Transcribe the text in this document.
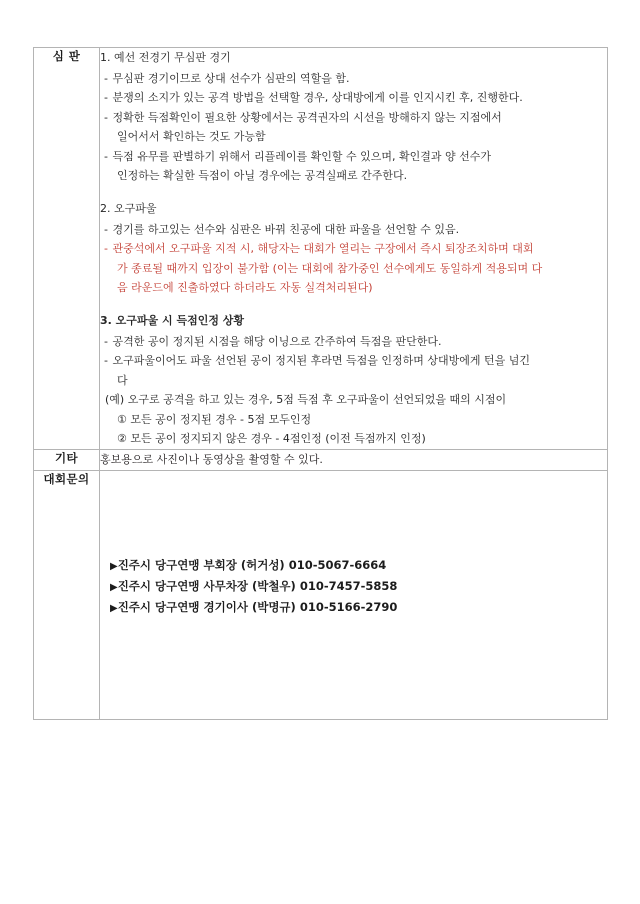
심 판	1. 예선 전경기 무심판 경기

- 무심판 경기이므로 상대 선수가 심판의 역할을 함.

- 분쟁의 소지가 있는 공격 방법을 선택할 경우, 상대방에게 이를 인지시킨 후, 진행한다.

- 정확한 득점확인이 필요한 상황에서는 공격권자의 시선을 방해하지 않는 지점에서

일어서서 확인하는 것도 가능함

- 득점 유무를 판별하기 위해서 리플레이를 확인할 수 있으며, 확인결과 양 선수가

인정하는 확실한 득점이 아닐 경우에는 공격실패로 간주한다.

2. 오구파울

- 경기를 하고있는 선수와 심판은 바꿔 친공에 대한 파울을 선언할 수 있음.

- 관중석에서 오구파울 지적 시, 해당자는 대회가 열리는 구장에서 즉시 퇴장조치하며 대회

가 종료될 때까지 입장이 불가함 (이는 대회에 참가중인 선수에게도 동일하게 적용되며 다

음 라운드에 진출하였다 하더라도 자동 실격처리된다)

3. 오구파울 시 득점인정 상황

- 공격한 공이 정지된 시점을 해당 이닝으로 간주하여 득점을 판단한다.

- 오구파울이어도 파울 선언된 공이 정지된 후라면 득점을 인정하며 상대방에게 턴을 넘긴

다

(예) 오구로 공격을 하고 있는 경우, 5점 득점 후 오구파울이 선언되었을 때의 시점이

① 모든 공이 정지된 경우 - 5점 모두인정

② 모든 공이 정지되지 않은 경우 - 4점인정 (이전 득점까지 인정)

기타	홍보용으로 사진이나 동영상을 촬영할 수 있다.

대회문의	▶진주시 당구연맹 부회장 (허거성) 010-5067-6664
▶진주시 당구연맹 사무차장 (박철우) 010-7457-5858
▶진주시 당구연맹 경기이사 (박명규) 010-5166-2790
